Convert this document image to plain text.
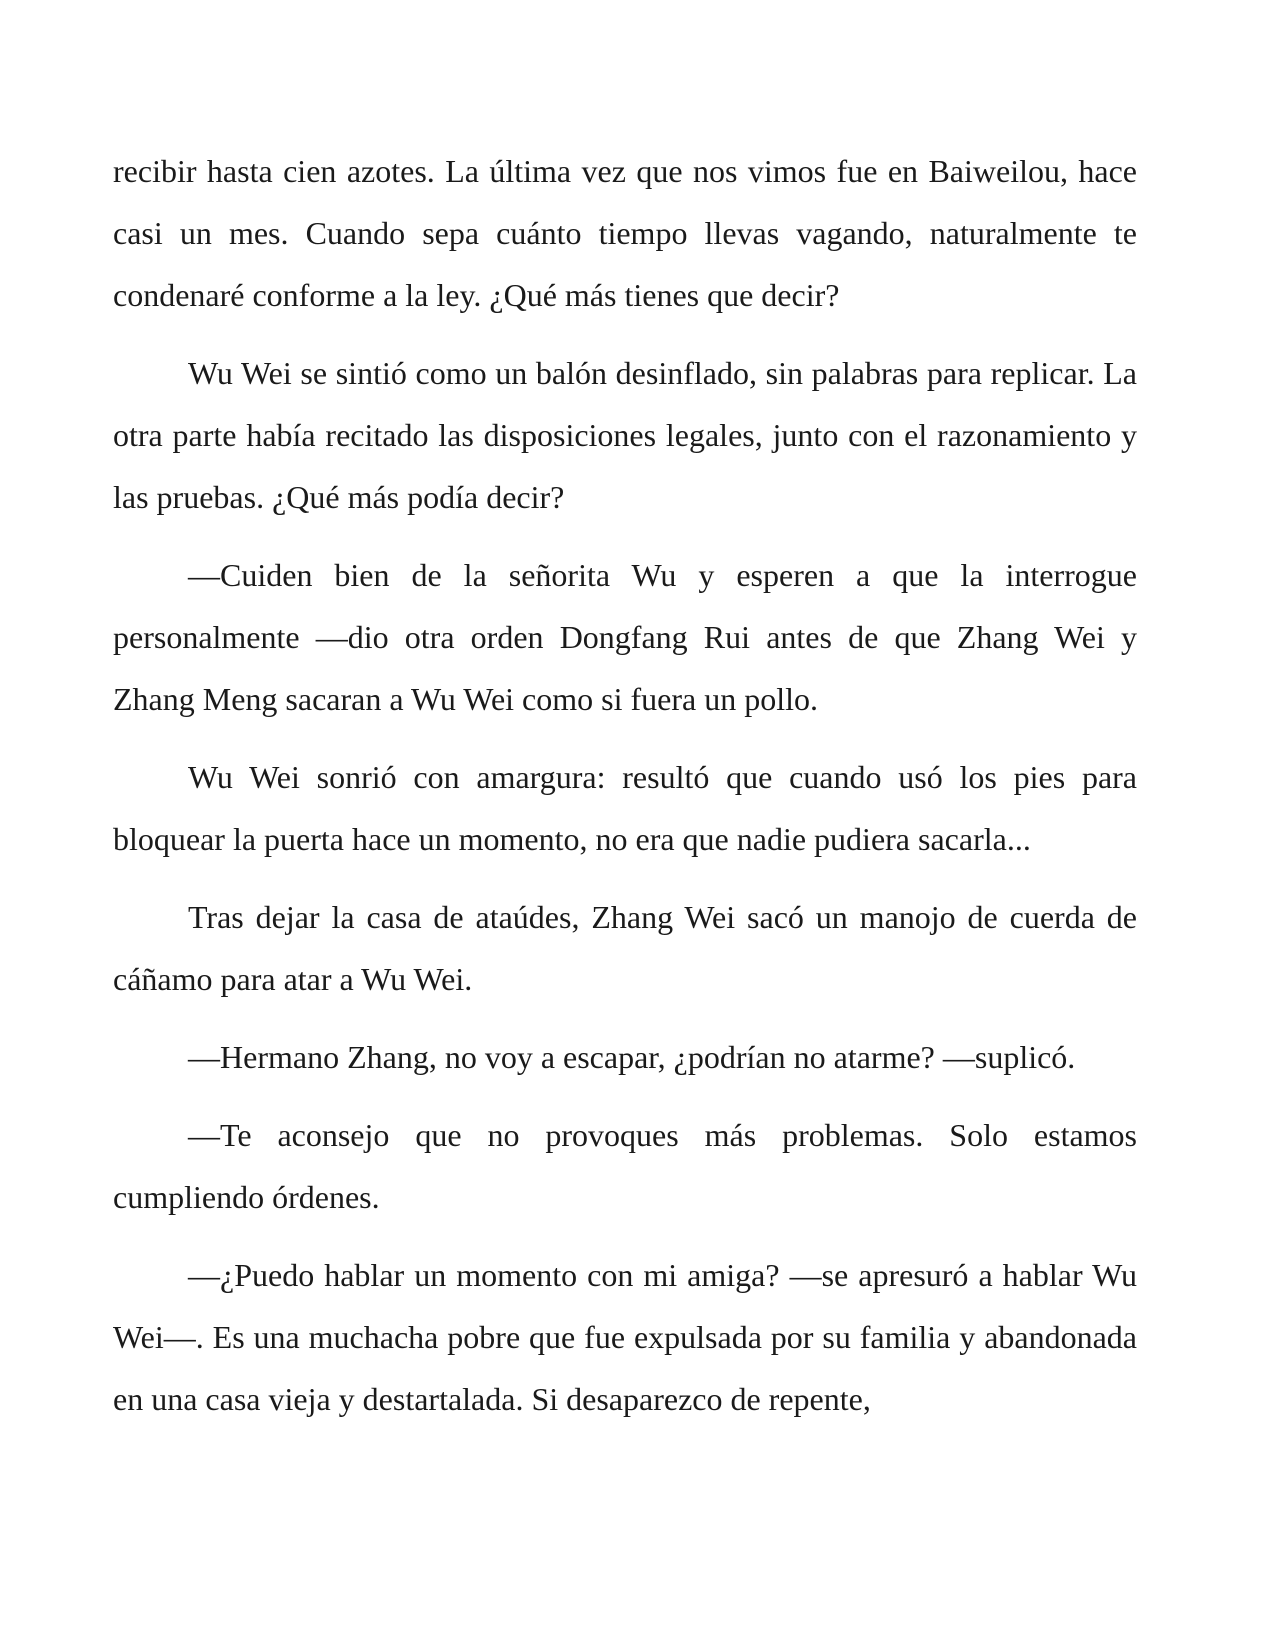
recibir hasta cien azotes. La última vez que nos vimos fue en Baiweilou, hace casi un mes. Cuando sepa cuánto tiempo llevas vagando, naturalmente te condenaré conforme a la ley. ¿Qué más tienes que decir?

Wu Wei se sintió como un balón desinflado, sin palabras para replicar. La otra parte había recitado las disposiciones legales, junto con el razonamiento y las pruebas. ¿Qué más podía decir?

—Cuiden bien de la señorita Wu y esperen a que la interrogue personalmente —dio otra orden Dongfang Rui antes de que Zhang Wei y Zhang Meng sacaran a Wu Wei como si fuera un pollo.

Wu Wei sonrió con amargura: resultó que cuando usó los pies para bloquear la puerta hace un momento, no era que nadie pudiera sacarla...

Tras dejar la casa de ataúdes, Zhang Wei sacó un manojo de cuerda de cáñamo para atar a Wu Wei.

—Hermano Zhang, no voy a escapar, ¿podrían no atarme? —suplicó.

—Te aconsejo que no provoques más problemas. Solo estamos cumpliendo órdenes.

—¿Puedo hablar un momento con mi amiga? —se apresuró a hablar Wu Wei—. Es una muchacha pobre que fue expulsada por su familia y abandonada en una casa vieja y destartalada. Si desaparezco de repente,
